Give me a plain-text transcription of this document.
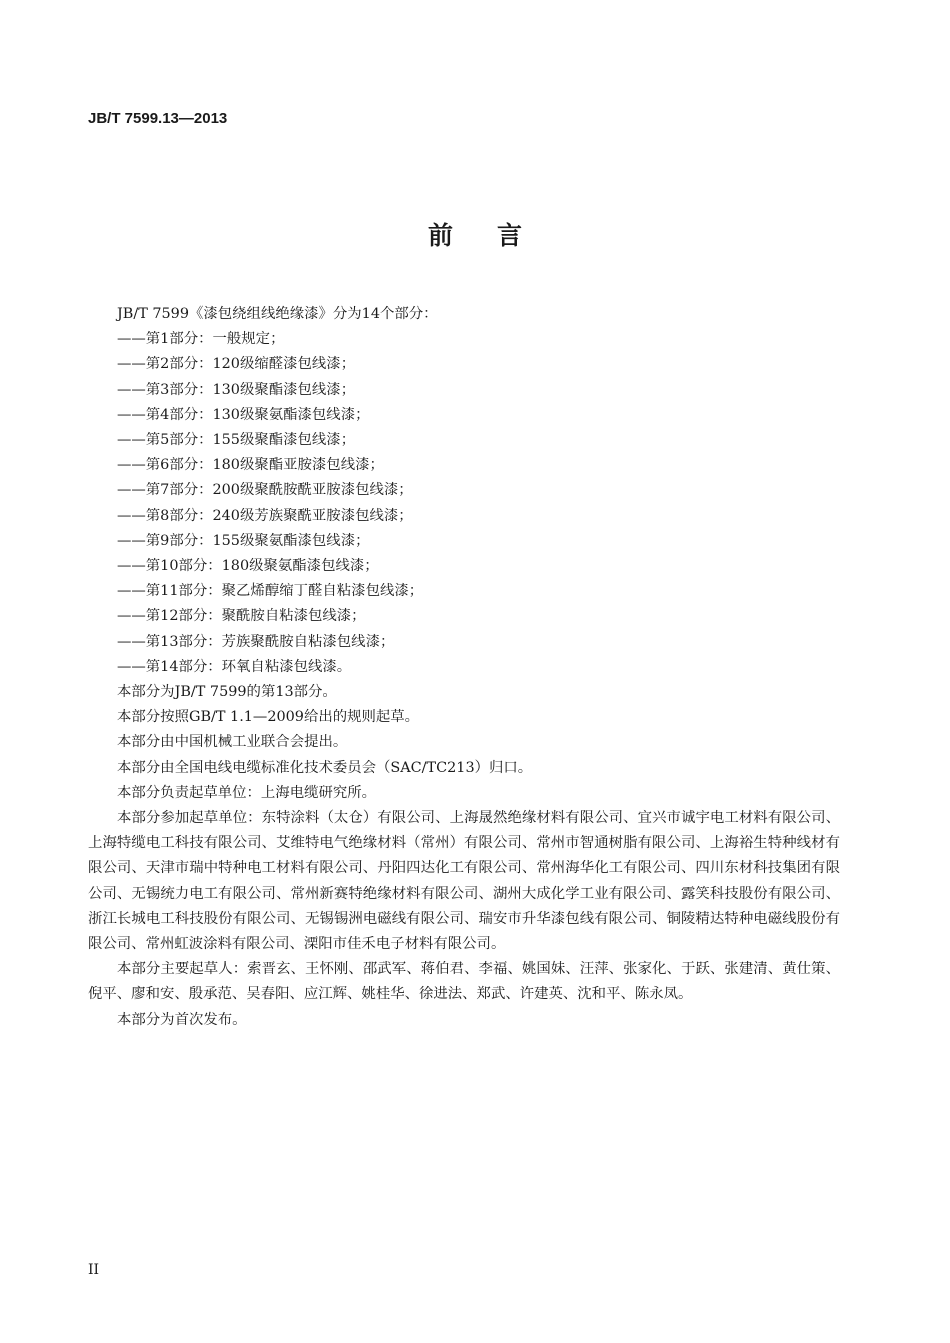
JB/T 7599.13—2013
前言
JB/T 7599《漆包绕组线绝缘漆》分为14个部分：
——第1部分：一般规定；
——第2部分：120级缩醛漆包线漆；
——第3部分：130级聚酯漆包线漆；
——第4部分：130级聚氨酯漆包线漆；
——第5部分：155级聚酯漆包线漆；
——第6部分：180级聚酯亚胺漆包线漆；
——第7部分：200级聚酰胺酰亚胺漆包线漆；
——第8部分：240级芳族聚酰亚胺漆包线漆；
——第9部分：155级聚氨酯漆包线漆；
——第10部分：180级聚氨酯漆包线漆；
——第11部分：聚乙烯醇缩丁醛自粘漆包线漆；
——第12部分：聚酰胺自粘漆包线漆；
——第13部分：芳族聚酰胺自粘漆包线漆；
——第14部分：环氧自粘漆包线漆。
本部分为JB/T 7599的第13部分。
本部分按照GB/T 1.1—2009给出的规则起草。
本部分由中国机械工业联合会提出。
本部分由全国电线电缆标准化技术委员会（SAC/TC213）归口。
本部分负责起草单位：上海电缆研究所。
本部分参加起草单位：东特涂料（太仓）有限公司、上海晟然绝缘材料有限公司、宜兴市诚宇电工材料有限公司、上海特缆电工科技有限公司、艾维特电气绝缘材料（常州）有限公司、常州市智通树脂有限公司、上海裕生特种线材有限公司、天津市瑞中特种电工材料有限公司、丹阳四达化工有限公司、常州海华化工有限公司、四川东材科技集团有限公司、无锡统力电工有限公司、常州新赛特绝缘材料有限公司、湖州大成化学工业有限公司、露笑科技股份有限公司、浙江长城电工科技股份有限公司、无锡锡洲电磁线有限公司、瑞安市升华漆包线有限公司、铜陵精达特种电磁线股份有限公司、常州虹波涂料有限公司、溧阳市佳禾电子材料有限公司。
本部分主要起草人：索晋玄、王怀刚、邵武军、蒋伯君、李福、姚国妹、汪萍、张家化、于跃、张建清、黄仕策、倪平、廖和安、殷承范、吴春阳、应江辉、姚桂华、徐进法、郑武、许建英、沈和平、陈永凤。
本部分为首次发布。
II
